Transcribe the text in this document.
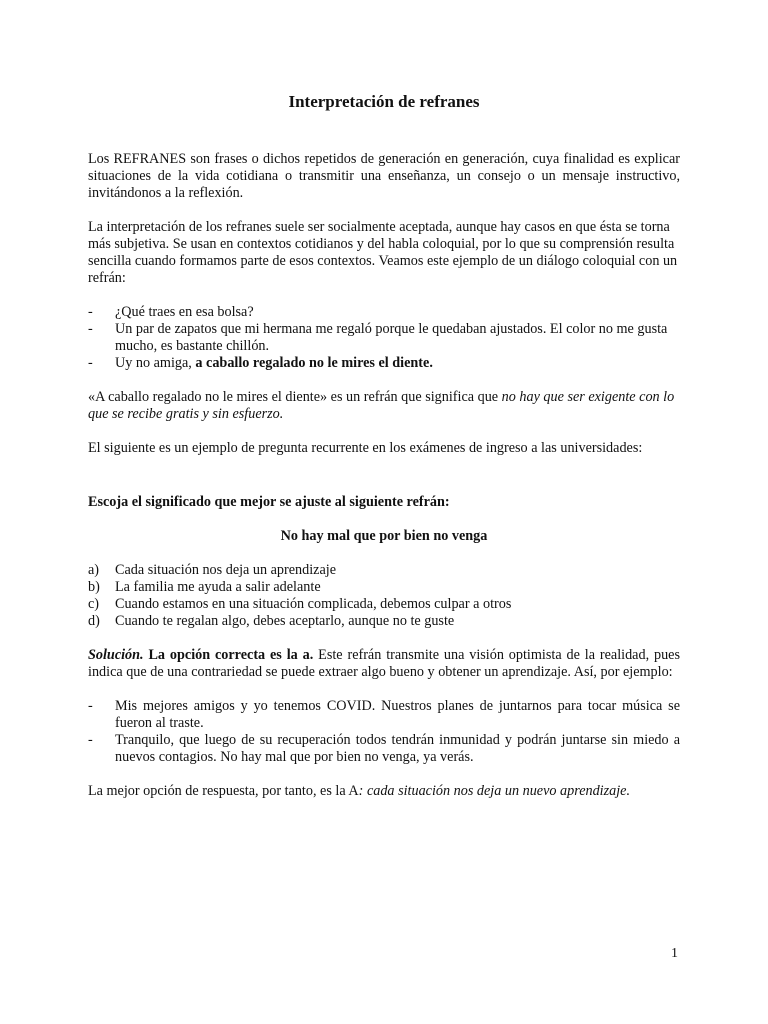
Interpretación de refranes

Los REFRANES son frases o dichos repetidos de generación en generación, cuya finalidad es explicar situaciones de la vida cotidiana o transmitir una enseñanza, un consejo o un mensaje instructivo, invitándonos a la reflexión.

La interpretación de los refranes suele ser socialmente aceptada, aunque hay casos en que ésta se torna más subjetiva. Se usan en contextos cotidianos y del habla coloquial, por lo que su comprensión resulta sencilla cuando formamos parte de esos contextos. Veamos este ejemplo de un diálogo coloquial con un refrán:

- ¿Qué traes en esa bolsa?
- Un par de zapatos que mi hermana me regaló porque le quedaban ajustados. El color no me gusta mucho, es bastante chillón.
- Uy no amiga, a caballo regalado no le mires el diente.

«A caballo regalado no le mires el diente» es un refrán que significa que no hay que ser exigente con lo que se recibe gratis y sin esfuerzo.

El siguiente es un ejemplo de pregunta recurrente en los exámenes de ingreso a las universidades:

Escoja el significado que mejor se ajuste al siguiente refrán:

No hay mal que por bien no venga

a) Cada situación nos deja un aprendizaje
b) La familia me ayuda a salir adelante
c) Cuando estamos en una situación complicada, debemos culpar a otros
d) Cuando te regalan algo, debes aceptarlo, aunque no te guste

Solución. La opción correcta es la a. Este refrán transmite una visión optimista de la realidad, pues indica que de una contrariedad se puede extraer algo bueno y obtener un aprendizaje. Así, por ejemplo:

- Mis mejores amigos y yo tenemos COVID. Nuestros planes de juntarnos para tocar música se fueron al traste.
- Tranquilo, que luego de su recuperación todos tendrán inmunidad y podrán juntarse sin miedo a nuevos contagios. No hay mal que por bien no venga, ya verás.

La mejor opción de respuesta, por tanto, es la A: cada situación nos deja un nuevo aprendizaje.

1
